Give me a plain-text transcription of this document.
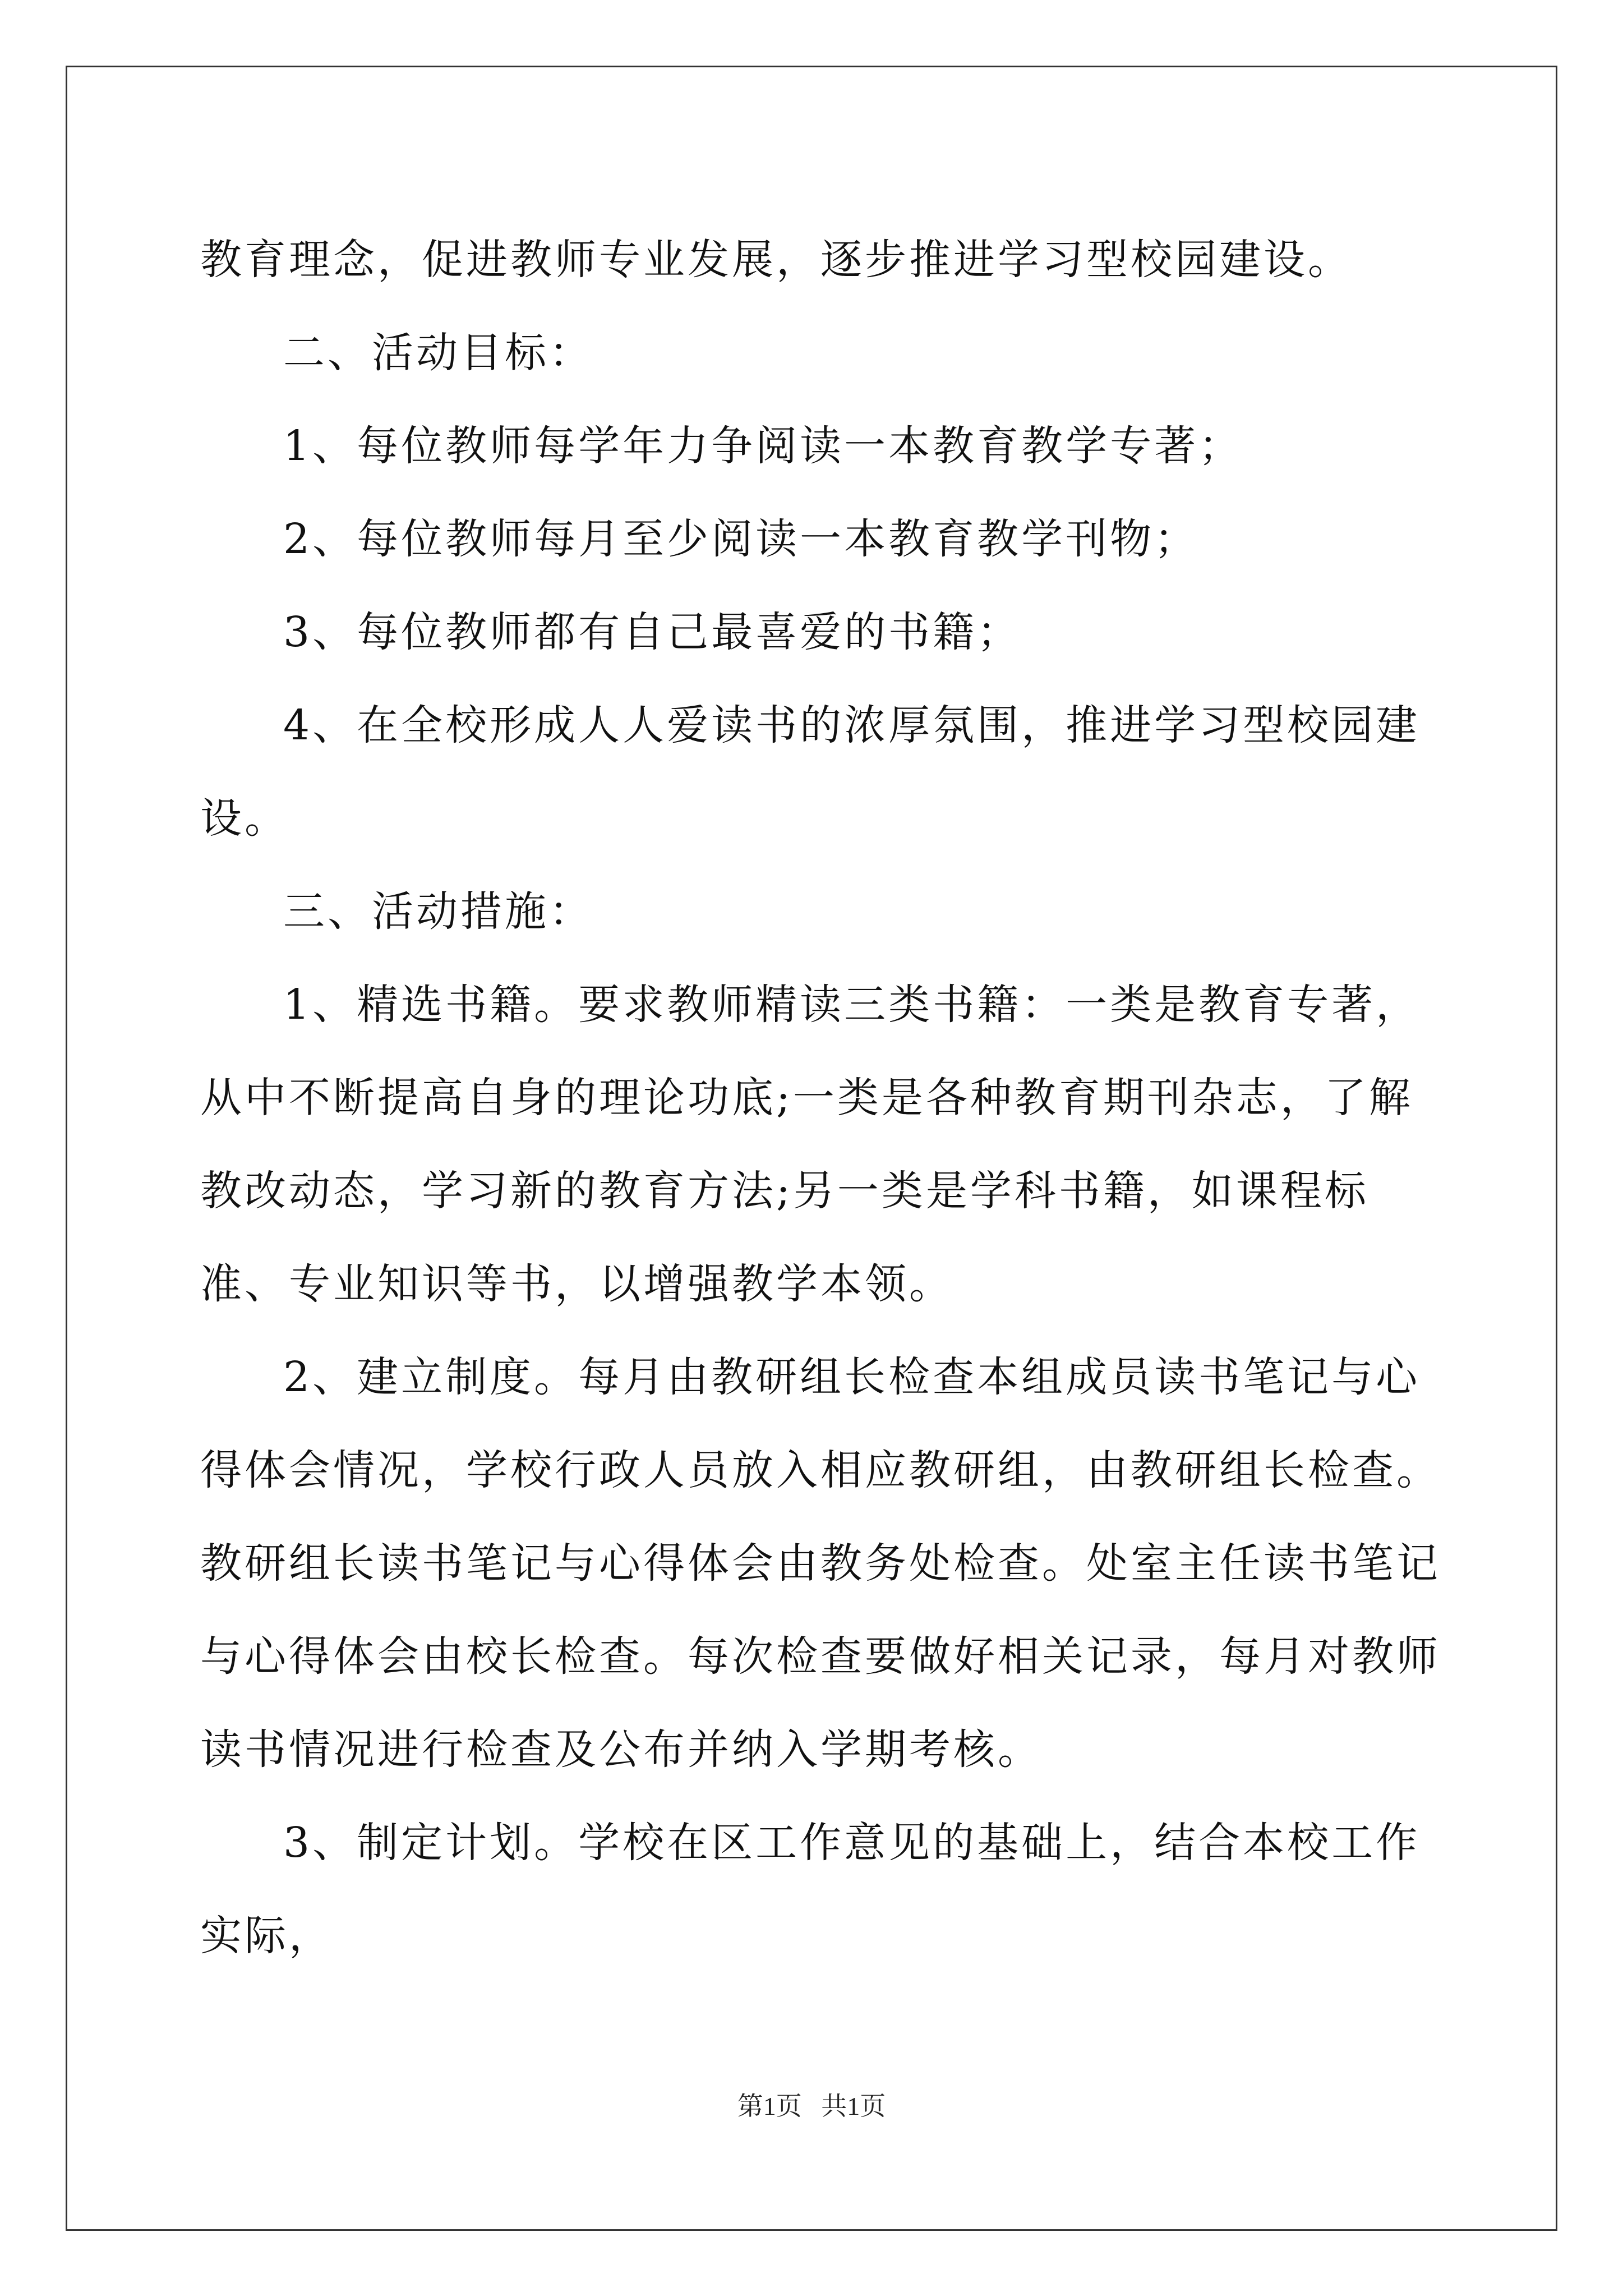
教育理念，促进教师专业发展，逐步推进学习型校园建设。

二、活动目标：

1、每位教师每学年力争阅读一本教育教学专著；

2、每位教师每月至少阅读一本教育教学刊物；

3、每位教师都有自己最喜爱的书籍；

4、在全校形成人人爱读书的浓厚氛围，推进学习型校园建设。

三、活动措施：

1、精选书籍。要求教师精读三类书籍：一类是教育专著，从中不断提高自身的理论功底;一类是各种教育期刊杂志，了解教改动态，学习新的教育方法;另一类是学科书籍，如课程标准、专业知识等书，以增强教学本领。

2、建立制度。每月由教研组长检查本组成员读书笔记与心得体会情况，学校行政人员放入相应教研组，由教研组长检查。教研组长读书笔记与心得体会由教务处检查。处室主任读书笔记与心得体会由校长检查。每次检查要做好相关记录，每月对教师读书情况进行检查及公布并纳入学期考核。

3、制定计划。学校在区工作意见的基础上，结合本校工作实际，

第1页   共1页
